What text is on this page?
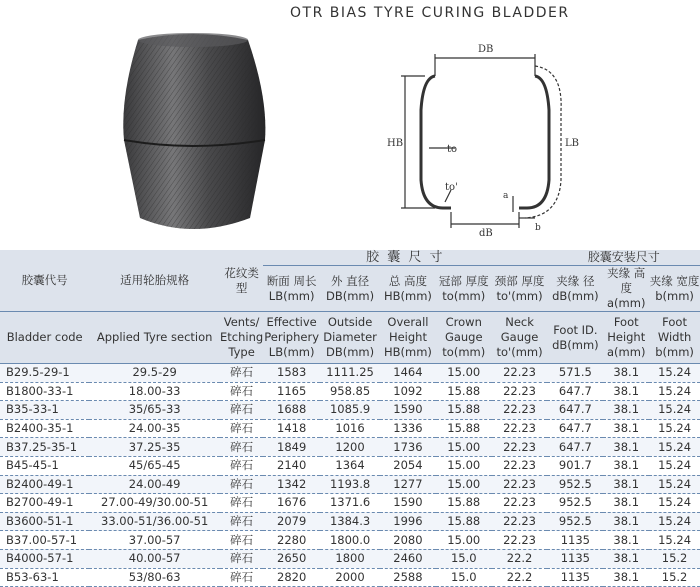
OTR BIAS TYRE CURING BLADDER
DB
HB	LB
to
to'
a
dB	b
胶囊代号	适用轮胎规格	花纹类型	胶 囊 尺 寸					胶囊安装尺寸		
			断面 周长 LB(mm)	外 直径 DB(mm)	总 高度 HB(mm)	冠部 厚度 to(mm)	颈部 厚度 to'(mm)	夹缘 径 dB(mm)	夹缘 高度 a(mm)	夹缘 宽度 b(mm)
Bladder code	Applied Tyre section	Vents/ Etching Type	Effective Periphery LB(mm)	Outside Diameter DB(mm)	Overall Height HB(mm)	Crown Gauge to(mm)	Neck Gauge to'(mm)	Foot ID. dB(mm)	Foot Height a(mm)	Foot Width b(mm)
B29.5-29-1	29.5-29	碎石	1583	1111.25	1464	15.00	22.23	571.5	38.1	15.24
B1800-33-1	18.00-33	碎石	1165	958.85	1092	15.88	22.23	647.7	38.1	15.24
B35-33-1	35/65-33	碎石	1688	1085.9	1590	15.88	22.23	647.7	38.1	15.24
B2400-35-1	24.00-35	碎石	1418	1016	1336	15.88	22.23	647.7	38.1	15.24
B37.25-35-1	37.25-35	碎石	1849	1200	1736	15.00	22.23	647.7	38.1	15.24
B45-45-1	45/65-45	碎石	2140	1364	2054	15.00	22.23	901.7	38.1	15.24
B2400-49-1	24.00-49	碎石	1342	1193.8	1277	15.00	22.23	952.5	38.1	15.24
B2700-49-1	27.00-49/30.00-51	碎石	1676	1371.6	1590	15.88	22.23	952.5	38.1	15.24
B3600-51-1	33.00-51/36.00-51	碎石	2079	1384.3	1996	15.88	22.23	952.5	38.1	15.24
B37.00-57-1	37.00-57	碎石	2280	1800.0	2080	15.00	22.23	1135	38.1	15.24
B4000-57-1	40.00-57	碎石	2650	1800	2460	15.0	22.2	1135	38.1	15.2
B53-63-1	53/80-63	碎石	2820	2000	2588	15.0	22.2	1135	38.1	15.2
